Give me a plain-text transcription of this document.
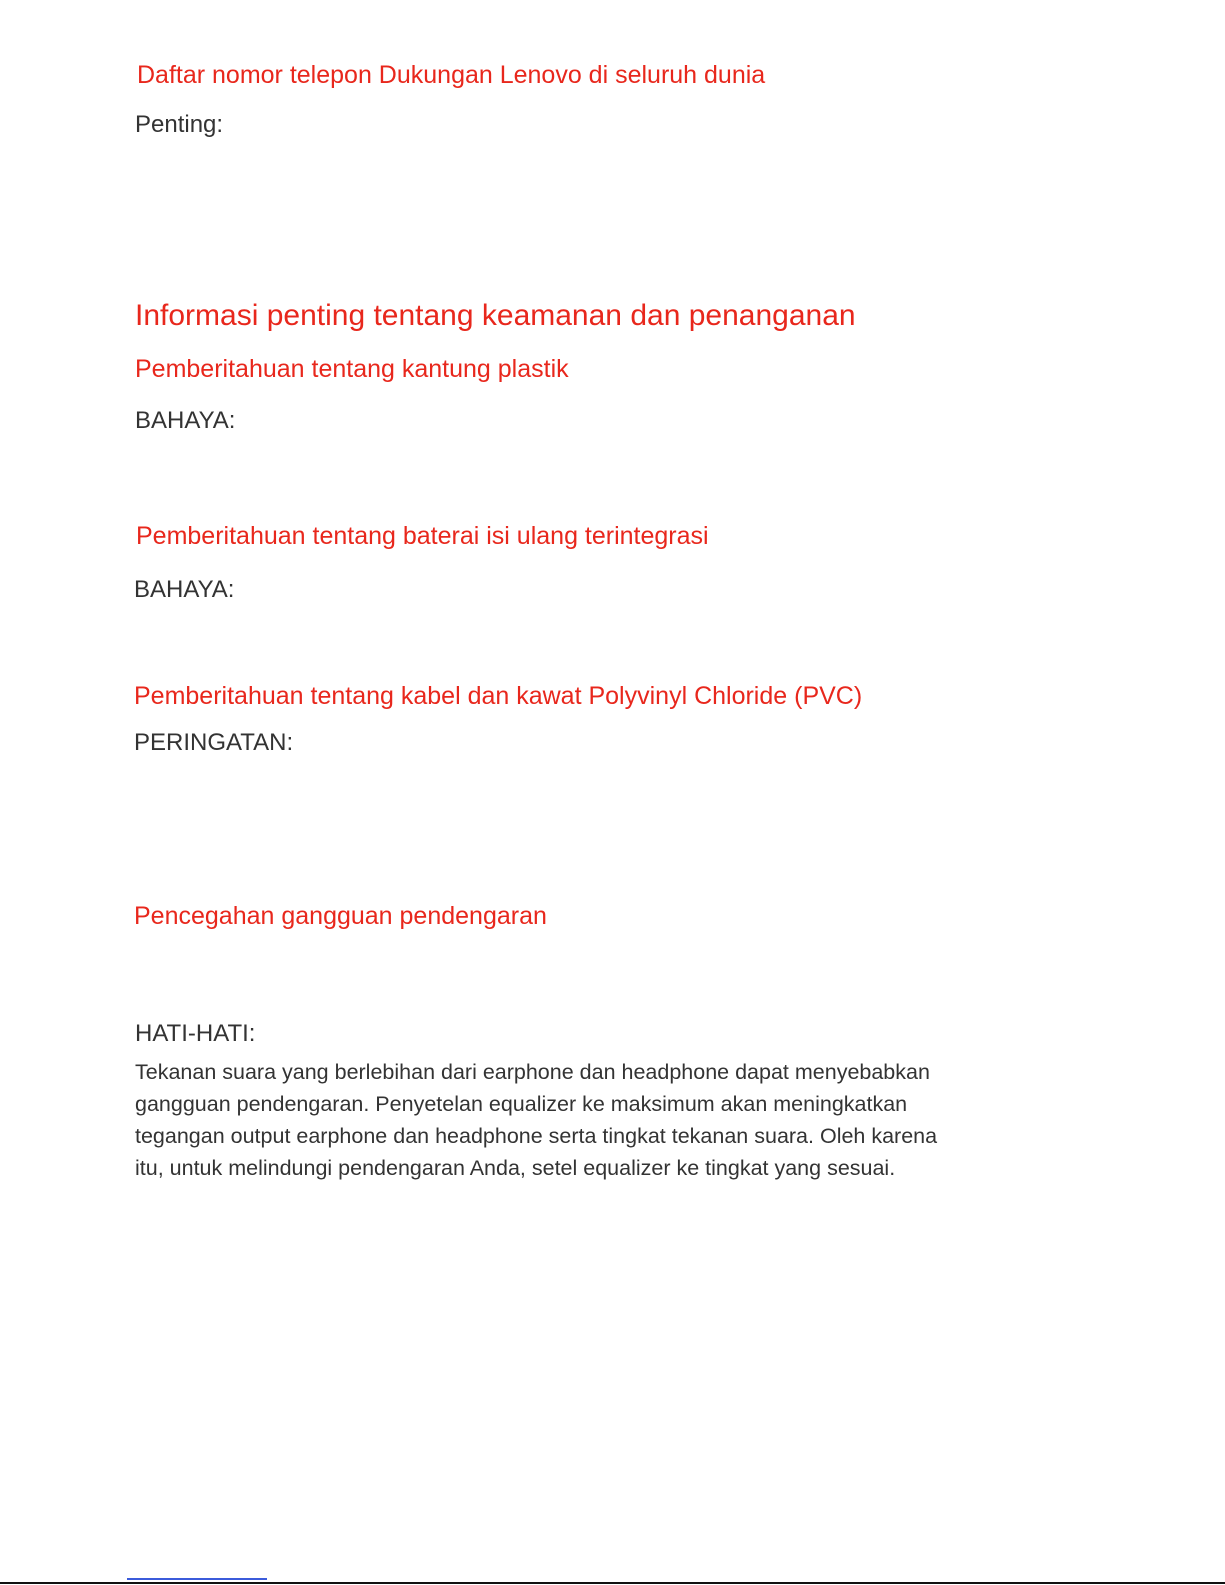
Daftar nomor telepon Dukungan Lenovo di seluruh dunia
Penting:
Informasi penting tentang keamanan dan penanganan
Pemberitahuan tentang kantung plastik
BAHAYA:
Pemberitahuan tentang baterai isi ulang terintegrasi
BAHAYA:
Pemberitahuan tentang kabel dan kawat Polyvinyl Chloride (PVC)
PERINGATAN:
Pencegahan gangguan pendengaran
HATI-HATI:
Tekanan suara yang berlebihan dari earphone dan headphone dapat menyebabkan
gangguan pendengaran. Penyetelan equalizer ke maksimum akan meningkatkan
tegangan output earphone dan headphone serta tingkat tekanan suara. Oleh karena
itu, untuk melindungi pendengaran Anda, setel equalizer ke tingkat yang sesuai.
